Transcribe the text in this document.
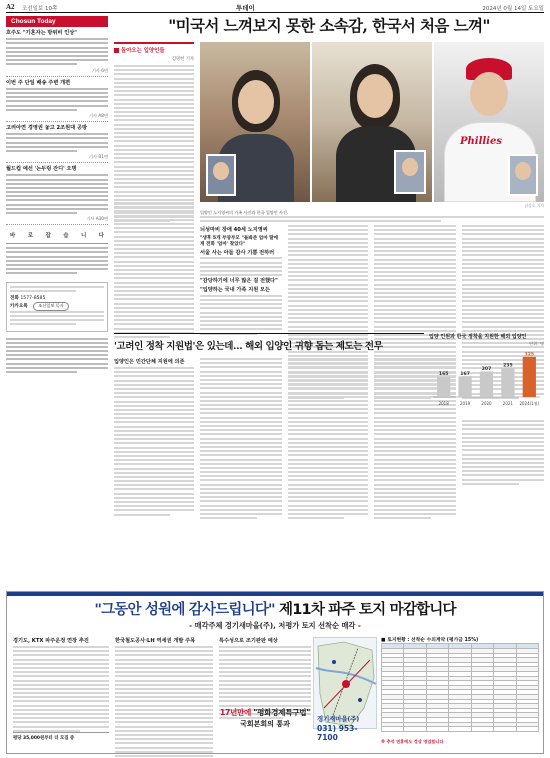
A2 조선일보 10쪽	투데이	2024년 0월 14일 토요일
Chosun Today
호주도 "기혼자는 방위비 인상"
기사 6면
이번 주 단일 배송 주변 개편
기사 A8면
고려아연 경영권 놓고 2조원대 공방
기사 B1면
월드컵 예선 '논두렁 잔디' 오명
기사 A30면
바 로 잡 습 니 다
전화 1577-8585
카카오톡 조선일보 독자
"미국서 느껴보지 못한 소속감, 한국서 처음 느껴"
돌아오는 입양인들
김영헌 기자
Phillies
남강호 기자
입양인 노지영씨의 가족 사진과 한국 입양인 사진.
뇌성마비 장애 40세 노지영씨
"생후 5개 부양부모 "돌봐준 엄마 딸에 게 전화 '엄마' 찾았다"
서울 사는 아들 감사 기쁨 전하러
"감당하기에 너무 많은 걸 전했다"
"입양하는 국내 가족 지원 모든
'고려인 정착 지원법'은 있는데… 해외 입양인 귀향 돕는 제도는 전무
입양인은 민간단체 지원에 의존
입양 인원과 한국 정착을 지원한 해외 입양인
단위: 명
165
2018
167
2019
207
2020
235
2021
325
2024(1월)
"그동안 성원에 감사드립니다" 제11차 파주 토지 마감합니다
- 매각주체 경기새마을(주), 저평가 토지 선착순 매각 -
경기도, KTX 파주운정 연장 추진	한국철도공사·LH 역세권 개발 주목	특수성으로 조기완판 예상
17년만에 "평화경제특구법"
국회본회의 통과
경기새마을(주)
031) 953-7100
■ 토지현황 : 선착순 수의계약 (평가금 15%)

평당 35,000원부터 더 모집 중
※ 추석 연휴에도 정상 영업합니다
